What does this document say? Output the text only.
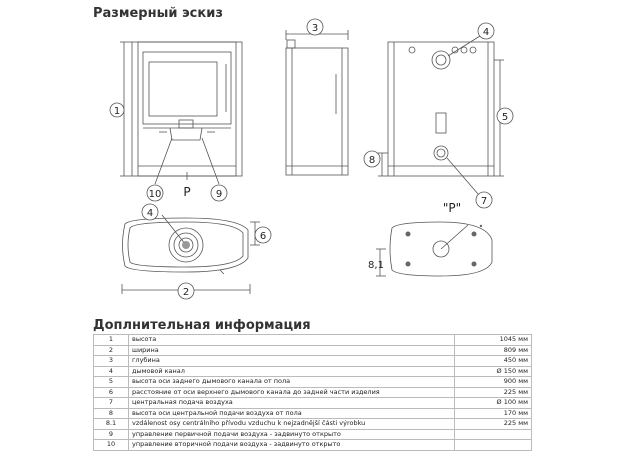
Размерный эскиз
1
10	9
P
3	4
5
8
7
4
6
2
"P"
8,1
Доплнительная информация
1	высота	1045 мм
2	ширина	809 мм
3	глубина	450 мм
4	дымовой канал	Ø 150 мм
5	высота оси заднего дымового канала от пола	900 мм
6	расстояние от оси верхнего дымового канала до задней части изделия	225 мм
7	центральная подача воздуха	Ø 100 мм
8	высота оси центральной подачи воздуха от пола	170 мм
8.1	vzdálenost osy centrálního přívodu vzduchu k nejzadnější části výrobku	225 мм
9	управление первичной подачи воздуха - задвинуто открыто	
10	управление вторичной подачи воздуха - задвинуто открыто	
